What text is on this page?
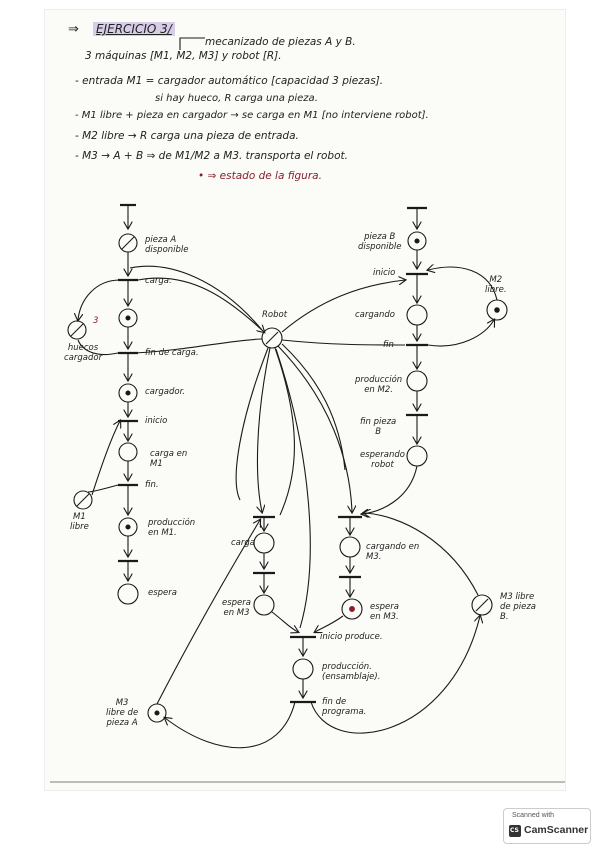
⇒ EJERCICIO 3/
mecanizado de piezas A y B.
3 máquinas [M1, M2, M3] y robot [R].
- entrada M1 = cargador automático [capacidad 3 piezas].
si hay hueco, R carga una pieza.
- M1 libre + pieza en cargador → se carga en M1 [no interviene robot].
- M2 libre → R carga una pieza de entrada.
- M3 → A + B ⇒ de M1/M2 a M3. transporta el robot.
• ⇒ estado de la figura.
pieza A
disponible
carga.
huecos
cargador
3
fin de carga.
cargador.
inicio
carga en
M1
fin.
M1
libre	producción
en M1.
espera
M3
libre de
pieza A
Robot
pieza B
disponible
inicio
M2
libre.
cargando
fin
producción
en M2.
fin pieza
B
esperando
robot
carga	cargando en
M3.
espera
en M3
espera
en M3.
M3 libre
de pieza
B.
inicio produce.
producción.
(ensamblaje).
fin de
programa.
Scanned with
CS
CamScanner
